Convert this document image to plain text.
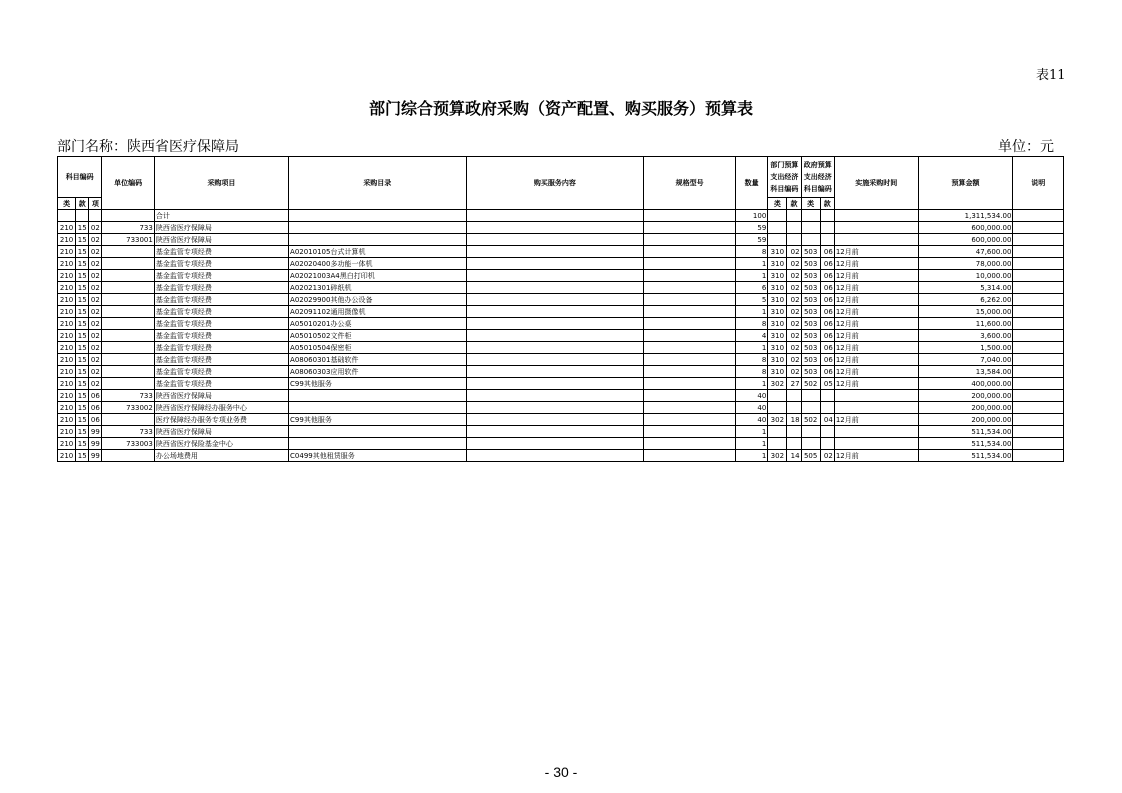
表11
部门综合预算政府采购（资产配置、购买服务）预算表
部门名称：陕西省医疗保障局	单位：元
科目编码			单位编码	采购项目	采购目录	购买服务内容	规格型号	数量	部门预算支出经济科目编码		政府预算支出经济科目编码		实施采购时间	预算金额	说明
类	款	项							类	款	类	款			
				合计				100						1,311,534.00	
210	15	02	733	陕西省医疗保障局				59						600,000.00	
210	15	02	733001	陕西省医疗保障局				59						600,000.00	
210	15	02		基金监管专项经费	A02010105台式计算机			8	310	02	503	06	12月前	47,600.00	
210	15	02		基金监管专项经费	A02020400多功能一体机			1	310	02	503	06	12月前	78,000.00	
210	15	02		基金监管专项经费	A02021003A4黑白打印机			1	310	02	503	06	12月前	10,000.00	
210	15	02		基金监管专项经费	A02021301碎纸机			6	310	02	503	06	12月前	5,314.00	
210	15	02		基金监管专项经费	A02029900其他办公设备			5	310	02	503	06	12月前	6,262.00	
210	15	02		基金监管专项经费	A02091102通用摄像机			1	310	02	503	06	12月前	15,000.00	
210	15	02		基金监管专项经费	A05010201办公桌			8	310	02	503	06	12月前	11,600.00	
210	15	02		基金监管专项经费	A05010502文件柜			4	310	02	503	06	12月前	3,600.00	
210	15	02		基金监管专项经费	A05010504保密柜			1	310	02	503	06	12月前	1,500.00	
210	15	02		基金监管专项经费	A08060301基础软件			8	310	02	503	06	12月前	7,040.00	
210	15	02		基金监管专项经费	A08060303应用软件			8	310	02	503	06	12月前	13,584.00	
210	15	02		基金监管专项经费	C99其他服务			1	302	27	502	05	12月前	400,000.00	
210	15	06	733	陕西省医疗保障局				40						200,000.00	
210	15	06	733002	陕西省医疗保障经办服务中心				40						200,000.00	
210	15	06		医疗保障经办服务专项业务费	C99其他服务			40	302	18	502	04	12月前	200,000.00	
210	15	99	733	陕西省医疗保障局				1						511,534.00	
210	15	99	733003	陕西省医疗保险基金中心				1						511,534.00	
210	15	99		办公场地费用	C0499其他租赁服务			1	302	14	505	02	12月前	511,534.00	
- 30 -
